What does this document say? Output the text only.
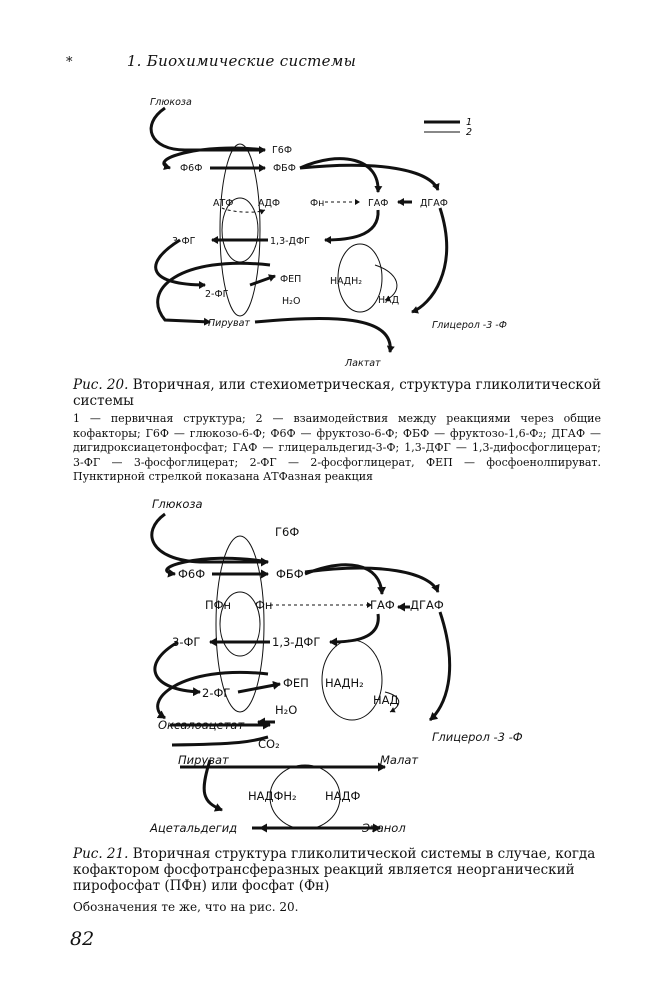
*	1. Биохимические системы
1
2
Глюкоза
Г6Ф
Ф6Ф	ФБФ
АТФ	АДФ	Фн	ГАФ	ДГАФ
3-ФГ	1,3-ДФГ
НАДН₂
НАД
ФЕП
2-ФГ
H₂O
Пируват	Глицерол -3 -Ф
Лактат
Рис. 20. Вторичная, или стехиометрическая, структура гликолитической системы
1 — первичная структура; 2 — взаимодействия между реакциями через общие кофакторы; Г6Ф — глюкозо-6-Ф; Ф6Ф — фруктозо-6-Ф; ФБФ — фруктозо-1,6-Ф₂; ДГАФ — дигидроксиацетонфосфат; ГАФ — глицеральдегид-3-Ф; 1,3-ДФГ — 1,3-дифосфоглицерат; 3-ФГ — 3-фосфоглицерат; 2-ФГ — 2-фосфоглицерат, ФЕП — фосфоенолпируват. Пунктирной стрелкой показана АТФазная реакция
Глюкоза
Г6Ф
Ф6Ф	ФБФ
ПФн Фн	ГАФ ДГАФ
3-ФГ	1,3-ДФГ
НАДН₂
НАД
ФЕП
2-ФГ
H₂O
Оксалоацетат
CO₂	Глицерол -3 -Ф
Пируват	Малат
НАДФН₂ НАДФ
Ацетальдегид	Этанол
Рис. 21. Вторичная структура гликолитической системы в случае, когда кофактором фосфотрансферазных реакций является неорганический пирофосфат (ПФн) или фосфат (Фн)
Обозначения те же, что на рис. 20.
82
